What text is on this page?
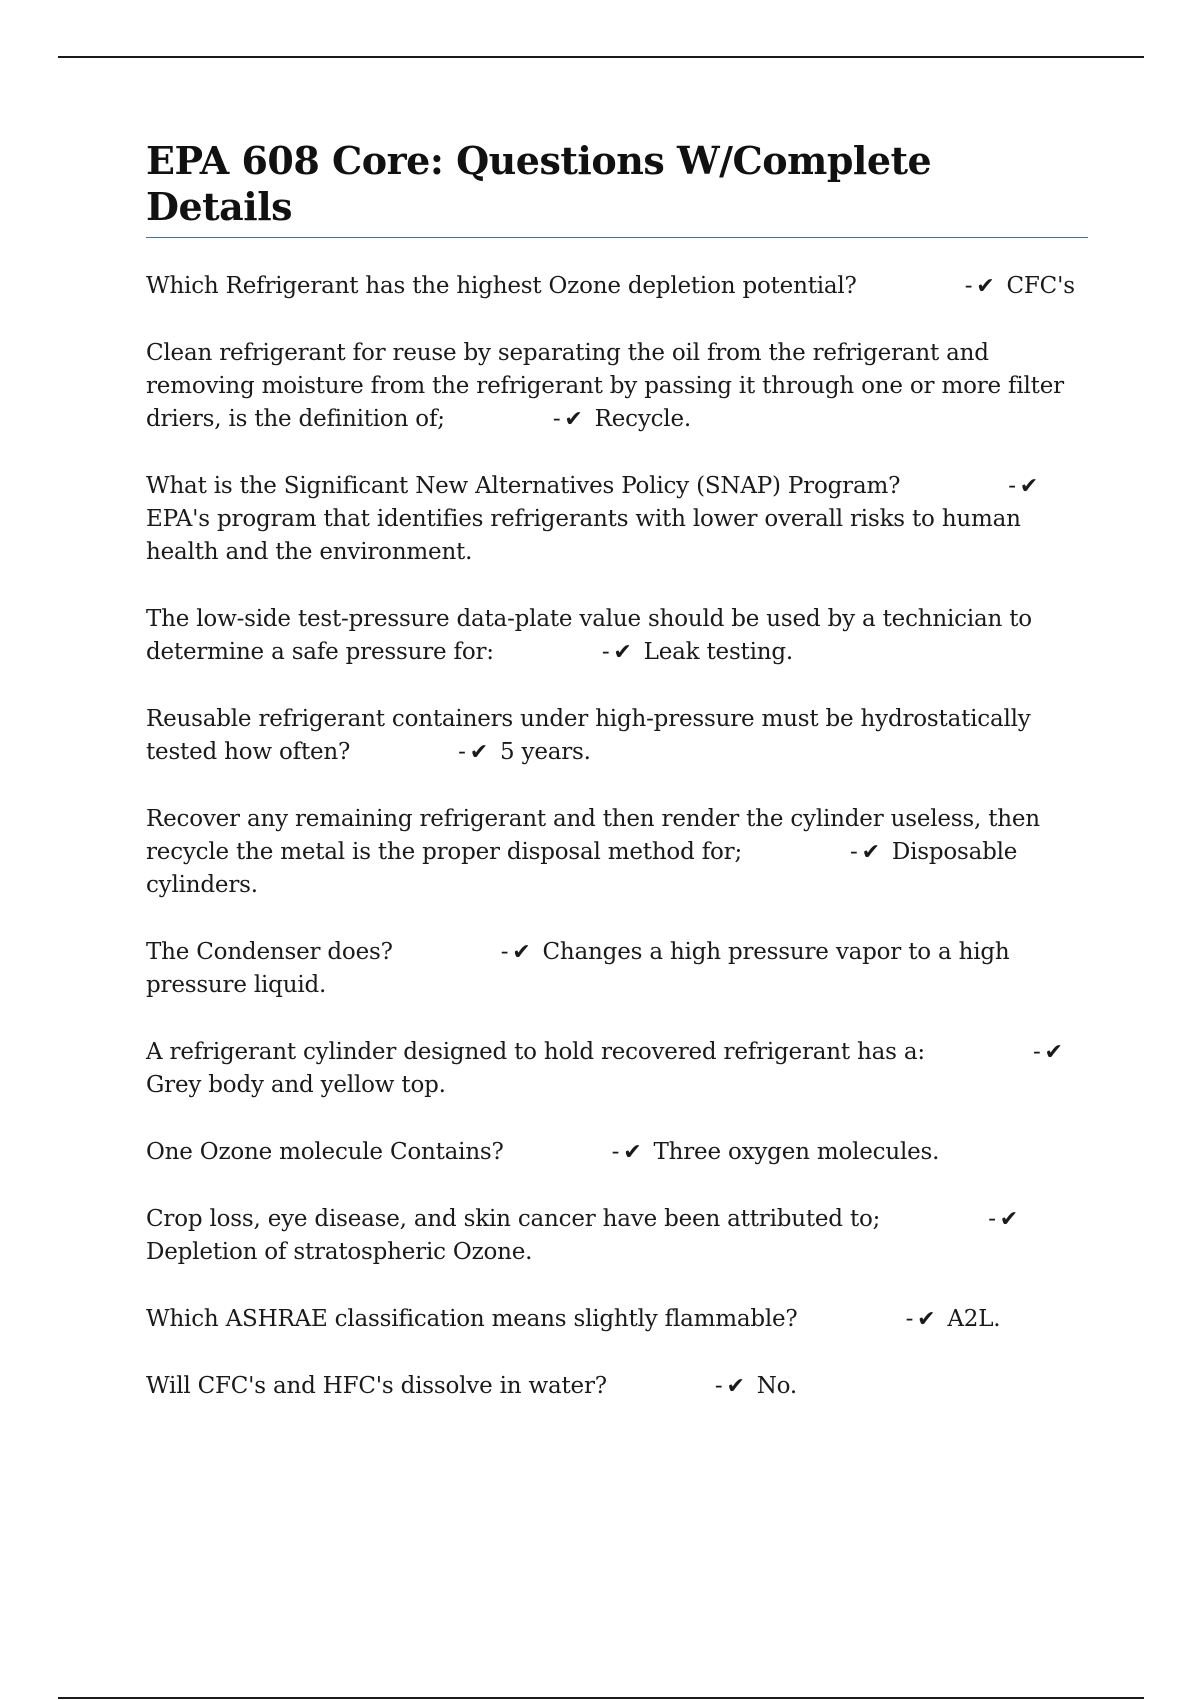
EPA 608 Core: Questions W/Complete Details

Which Refrigerant has the highest Ozone depletion potential?	- ✔ CFC's

Clean refrigerant for reuse by separating the oil from the refrigerant and removing moisture from the refrigerant by passing it through one or more filter driers, is the definition of;	- ✔ Recycle.

What is the Significant New Alternatives Policy (SNAP) Program?	- ✔EPA's program that identifies refrigerants with lower overall risks to human health and the environment.

The low-side test-pressure data-plate value should be used by a technician to determine a safe pressure for:	- ✔ Leak testing.

Reusable refrigerant containers under high-pressure must be hydrostatically tested how often?	- ✔ 5 years.

Recover any remaining refrigerant and then render the cylinder useless, then recycle the metal is the proper disposal method for;	- ✔ Disposable cylinders.

The Condenser does?	- ✔ Changes a high pressure vapor to a high pressure liquid.

A refrigerant cylinder designed to hold recovered refrigerant has a:	- ✔Grey body and yellow top.

One Ozone molecule Contains?	- ✔ Three oxygen molecules.

Crop loss, eye disease, and skin cancer have been attributed to;	- ✔Depletion of stratospheric Ozone.

Which ASHRAE classification means slightly flammable?	- ✔ A2L.

Will CFC's and HFC's dissolve in water?	- ✔ No.
